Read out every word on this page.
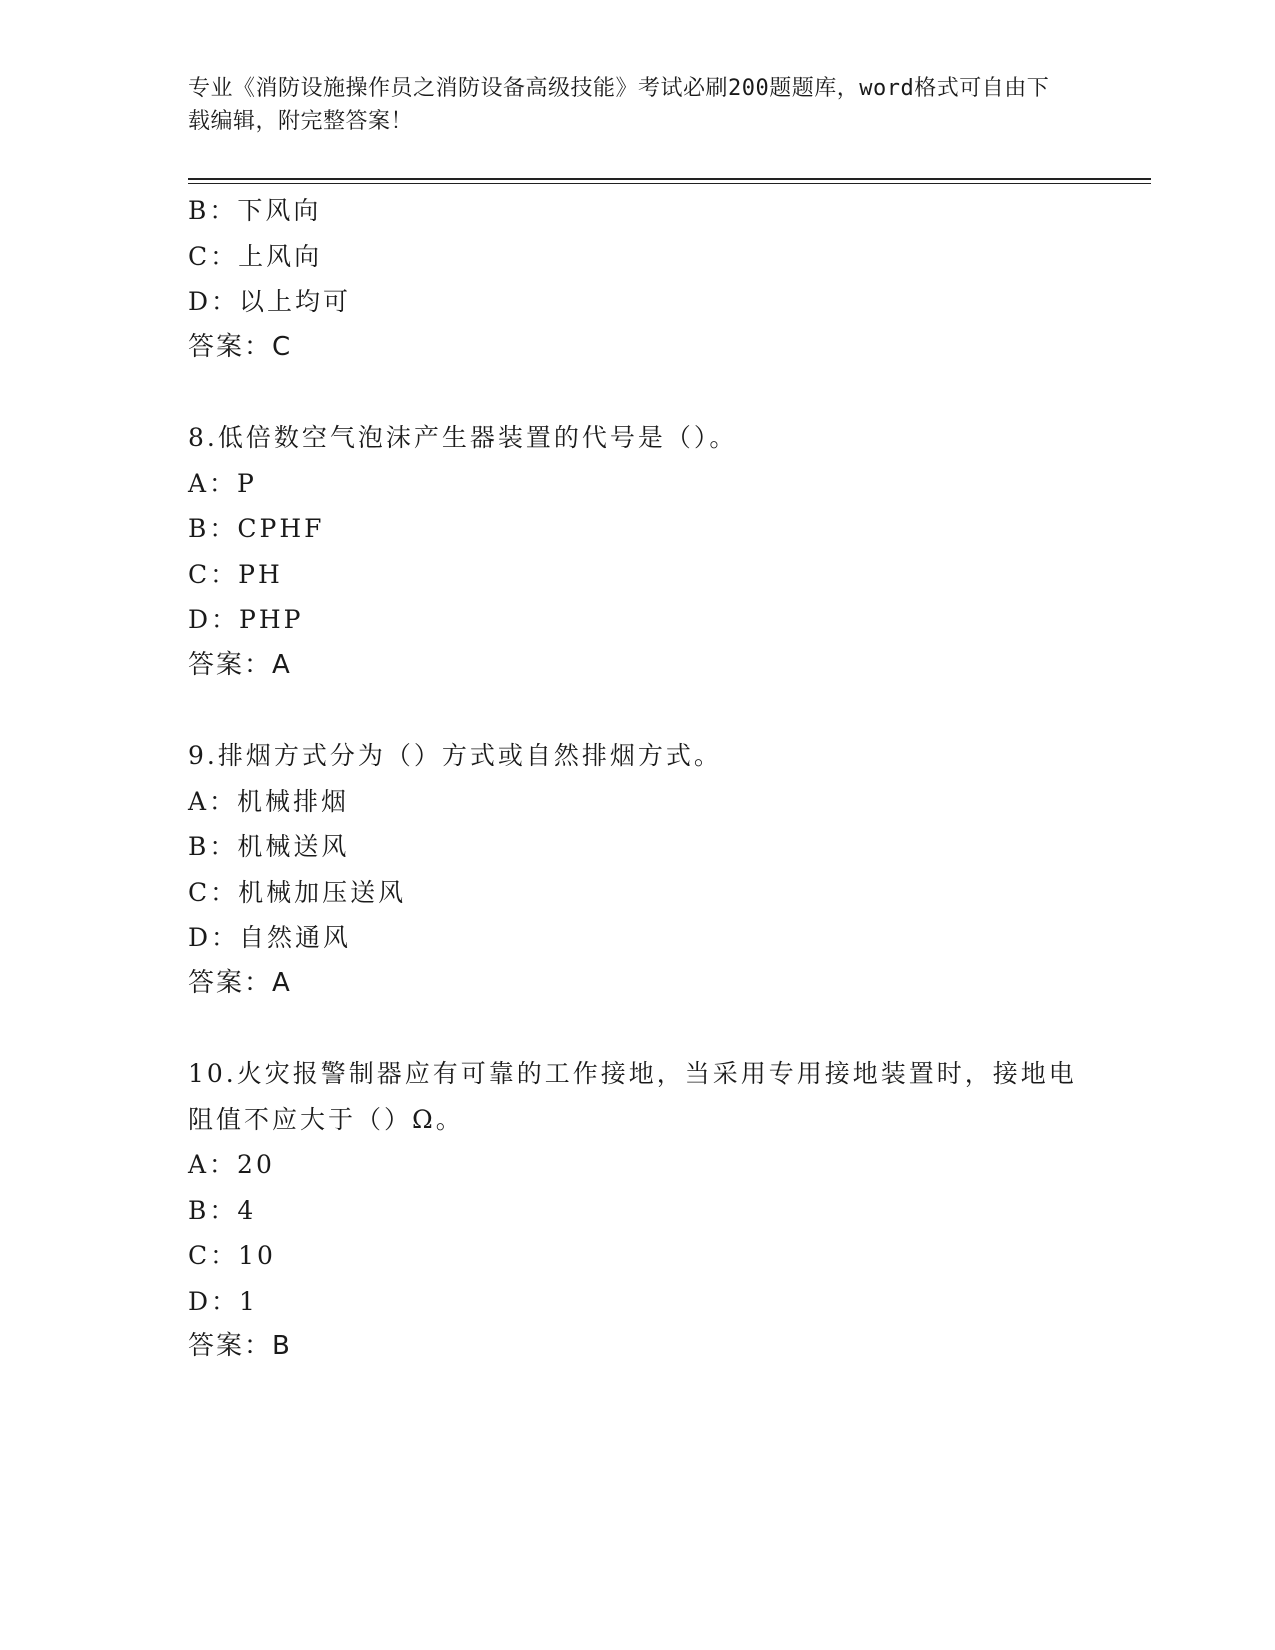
专业《消防设施操作员之消防设备高级技能》考试必刷200题题库，word格式可自由下载编辑，附完整答案！
B：下风向
C：上风向
D：以上均可
答案：C
8.低倍数空气泡沫产生器装置的代号是（）。
A：P
B：CPHF
C：PH
D：PHP
答案：A
9.排烟方式分为（）方式或自然排烟方式。
A：机械排烟
B：机械送风
C：机械加压送风
D：自然通风
答案：A
10.火灾报警制器应有可靠的工作接地，当采用专用接地装置时，接地电阻值不应大于（）Ω。
A：20
B：4
C：10
D：1
答案：B
